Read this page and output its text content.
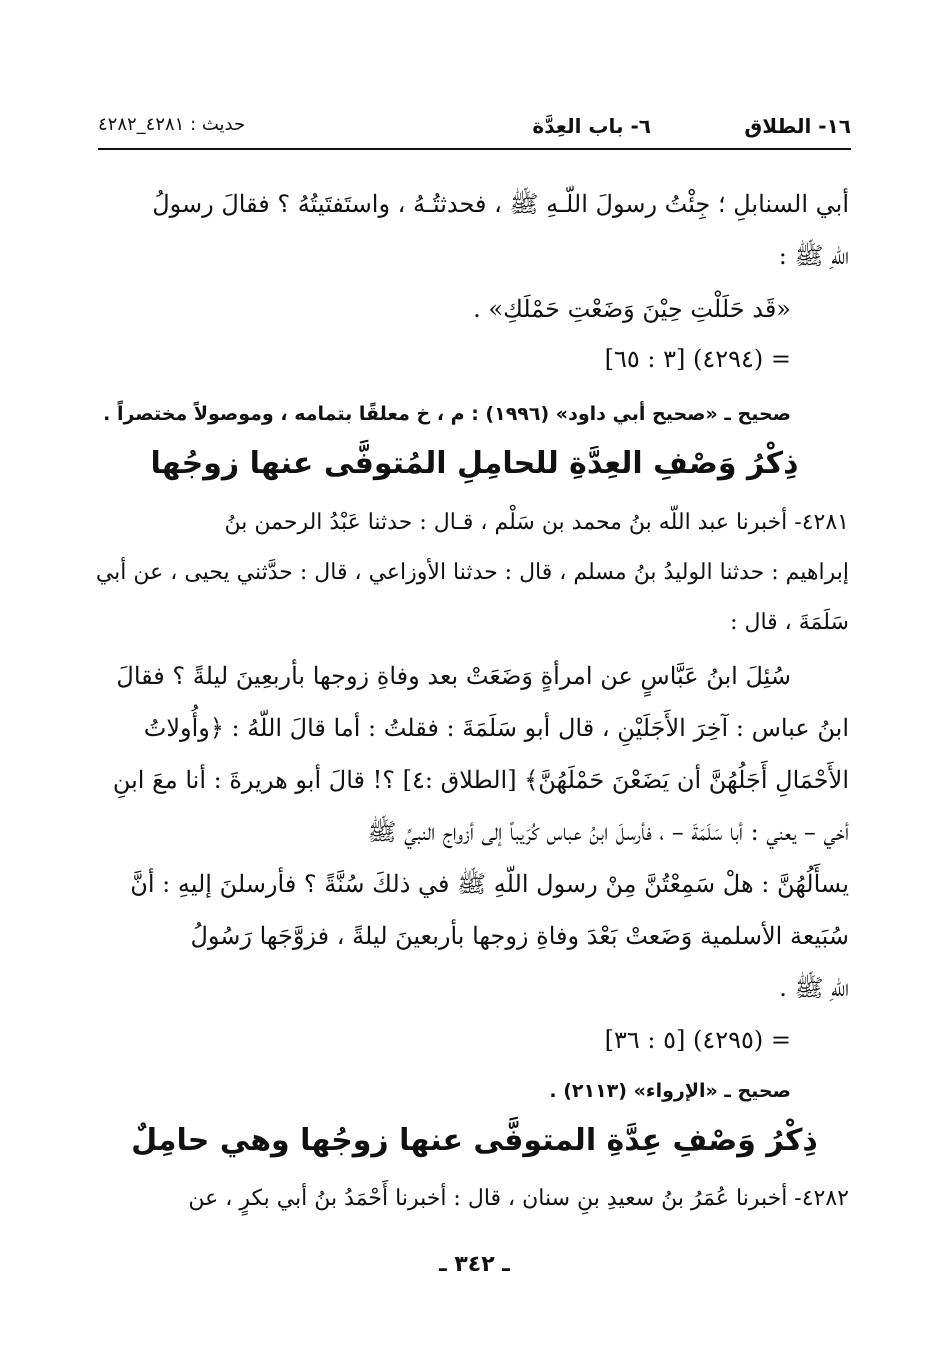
١٦- الطلاق
٦- باب العِدَّة
حديث : ٤٢٨١_٤٢٨٢
أبي السنابلِ ؛ جِئْتُ رسولَ اللّـهِ ﷺ ، فحدثتُـهُ ، واستَفتَيتُهُ ؟ فقالَ رسولُ
اللّهِ ﷺ :
«قَد حَلَلْتِ حِيْنَ وَضَعْتِ حَمْلَكِ» .
= (٤٢٩٤) [٣ : ٦٥]
صحيح ـ «صحيح أبي داود» (١٩٩٦) : م ، خ معلقًا بتمامه ، وموصولاً مختصراً .
ذِكْرُ وَصْفِ العِدَّةِ للحامِلِ المُتوفَّى عنها زوجُها
٤٢٨١- أخبرنا عبد اللّه بنُ محمد بن سَلْم ، قـال : حدثنا عَبْدُ الرحمن بنُ
إبراهيم : حدثنا الوليدُ بنُ مسلم ، قال : حدثنا الأوزاعي ، قال : حدَّثني يحيى ، عن أبي
سَلَمَةَ ، قال :
سُئِلَ ابنُ عَبَّاسٍ عن امرأةٍ وَضَعَتْ بعد وفاةِ زوجها بأربعِينَ ليلةً ؟ فقالَ
ابنُ عباس : آخِرَ الأَجَلَيْنِ ، قال أبو سَلَمَةَ : فقلتُ : أما قالَ اللّهُ : ﴿وأُولاتُ
الأَحْمَالِ أَجَلُهُنَّ أن يَضَعْنَ حَمْلَهُنَّ﴾ [الطلاق :٤] ؟! قالَ أبو هريرةَ : أنا معَ ابنِ
أخي – يعني : أبا سَلَمَةَ – ، فأرسلَ ابنُ عباس كُرَيباً إلى أزواج النبيِّ ﷺ
يسأَلُهُنَّ : هلْ سَمِعْتُنَّ مِنْ رسول اللّهِ ﷺ في ذلكَ سُنَّةً ؟ فأرسلنَ إليهِ : أنَّ
سُبَيعة الأسلمية وَضَعتْ بَعْدَ وفاةِ زوجها بأربعينَ ليلةً ، فزوَّجَها رَسُولُ
اللّهِ ﷺ .
= (٤٢٩٥) [٥ : ٣٦]
صحيح ـ «الإرواء» (٢١١٣) .
ذِكْرُ وَصْفِ عِدَّةِ المتوفَّى عنها زوجُها وهي حامِلٌ
٤٢٨٢- أخبرنا عُمَرُ بنُ سعيدِ بنِ سنان ، قال : أخبرنا أَحْمَدُ بنُ أبي بكرٍ ، عن
ـ ٣٤٢ ـ
